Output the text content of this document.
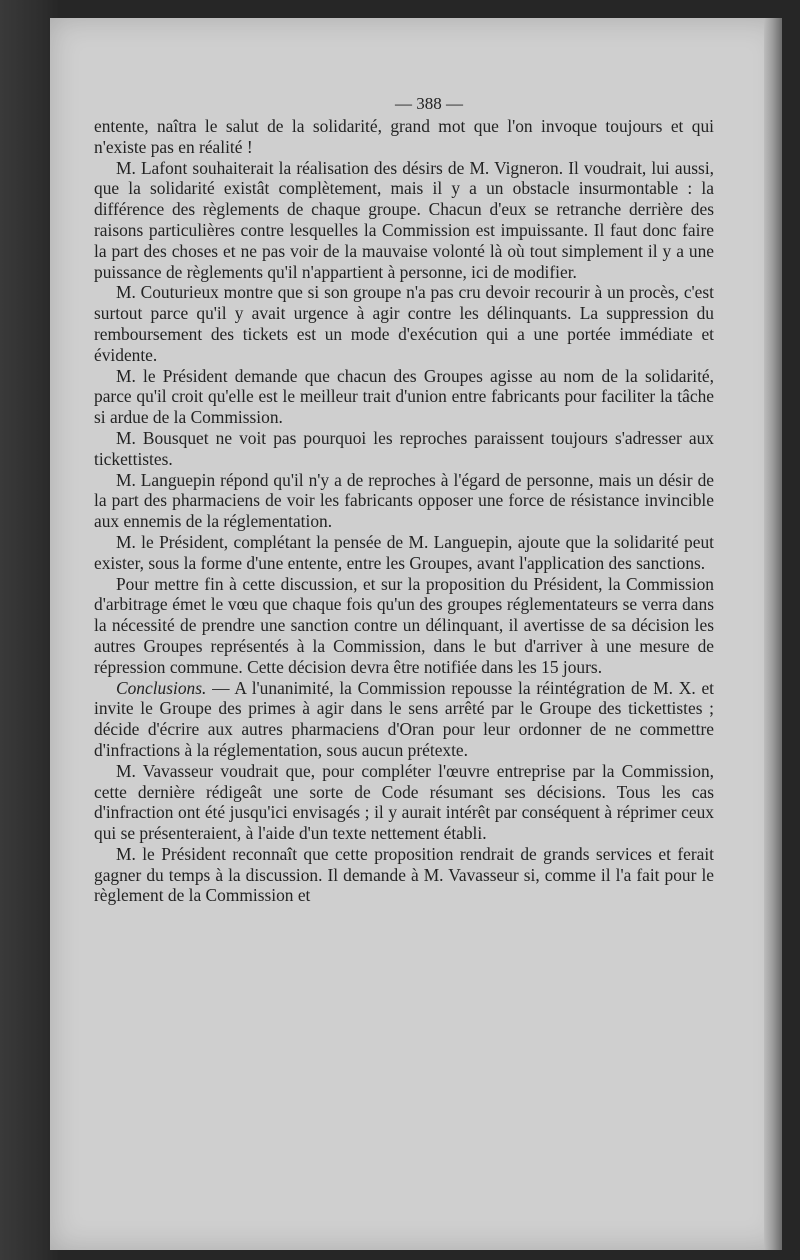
— 388 —

entente, naîtra le salut de la solidarité, grand mot que l'on invoque toujours et qui n'existe pas en réalité !

M. Lafont souhaiterait la réalisation des désirs de M. Vigneron. Il voudrait, lui aussi, que la solidarité existât complètement, mais il y a un obstacle insurmontable : la différence des règlements de chaque groupe. Chacun d'eux se retranche derrière des raisons particulières contre lesquelles la Commission est impuissante. Il faut donc faire la part des choses et ne pas voir de la mauvaise volonté là où tout simplement il y a une puissance de règlements qu'il n'appartient à personne, ici de modifier.

M. Couturieux montre que si son groupe n'a pas cru devoir recourir à un procès, c'est surtout parce qu'il y avait urgence à agir contre les délinquants. La suppression du remboursement des tickets est un mode d'exécution qui a une portée immédiate et évidente.

M. le Président demande que chacun des Groupes agisse au nom de la solidarité, parce qu'il croit qu'elle est le meilleur trait d'union entre fabricants pour faciliter la tâche si ardue de la Commission.

M. Bousquet ne voit pas pourquoi les reproches paraissent toujours s'adresser aux tickettistes.

M. Languepin répond qu'il n'y a de reproches à l'égard de personne, mais un désir de la part des pharmaciens de voir les fabricants opposer une force de résistance invincible aux ennemis de la réglementation.

M. le Président, complétant la pensée de M. Languepin, ajoute que la solidarité peut exister, sous la forme d'une entente, entre les Groupes, avant l'application des sanctions.

Pour mettre fin à cette discussion, et sur la proposition du Président, la Commission d'arbitrage émet le vœu que chaque fois qu'un des groupes réglementateurs se verra dans la nécessité de prendre une sanction contre un délinquant, il avertisse de sa décision les autres Groupes représentés à la Commission, dans le but d'arriver à une mesure de répression commune. Cette décision devra être notifiée dans les 15 jours.

Conclusions. — A l'unanimité, la Commission repousse la réintégration de M. X. et invite le Groupe des primes à agir dans le sens arrêté par le Groupe des tickettistes ; décide d'écrire aux autres pharmaciens d'Oran pour leur ordonner de ne commettre d'infractions à la réglementation, sous aucun prétexte.

M. Vavasseur voudrait que, pour compléter l'œuvre entreprise par la Commission, cette dernière rédigeât une sorte de Code résumant ses décisions. Tous les cas d'infraction ont été jusqu'ici envisagés ; il y aurait intérêt par conséquent à réprimer ceux qui se présenteraient, à l'aide d'un texte nettement établi.

M. le Président reconnaît que cette proposition rendrait de grands services et ferait gagner du temps à la discussion. Il demande à M. Vavasseur si, comme il l'a fait pour le règlement de la Commission et
